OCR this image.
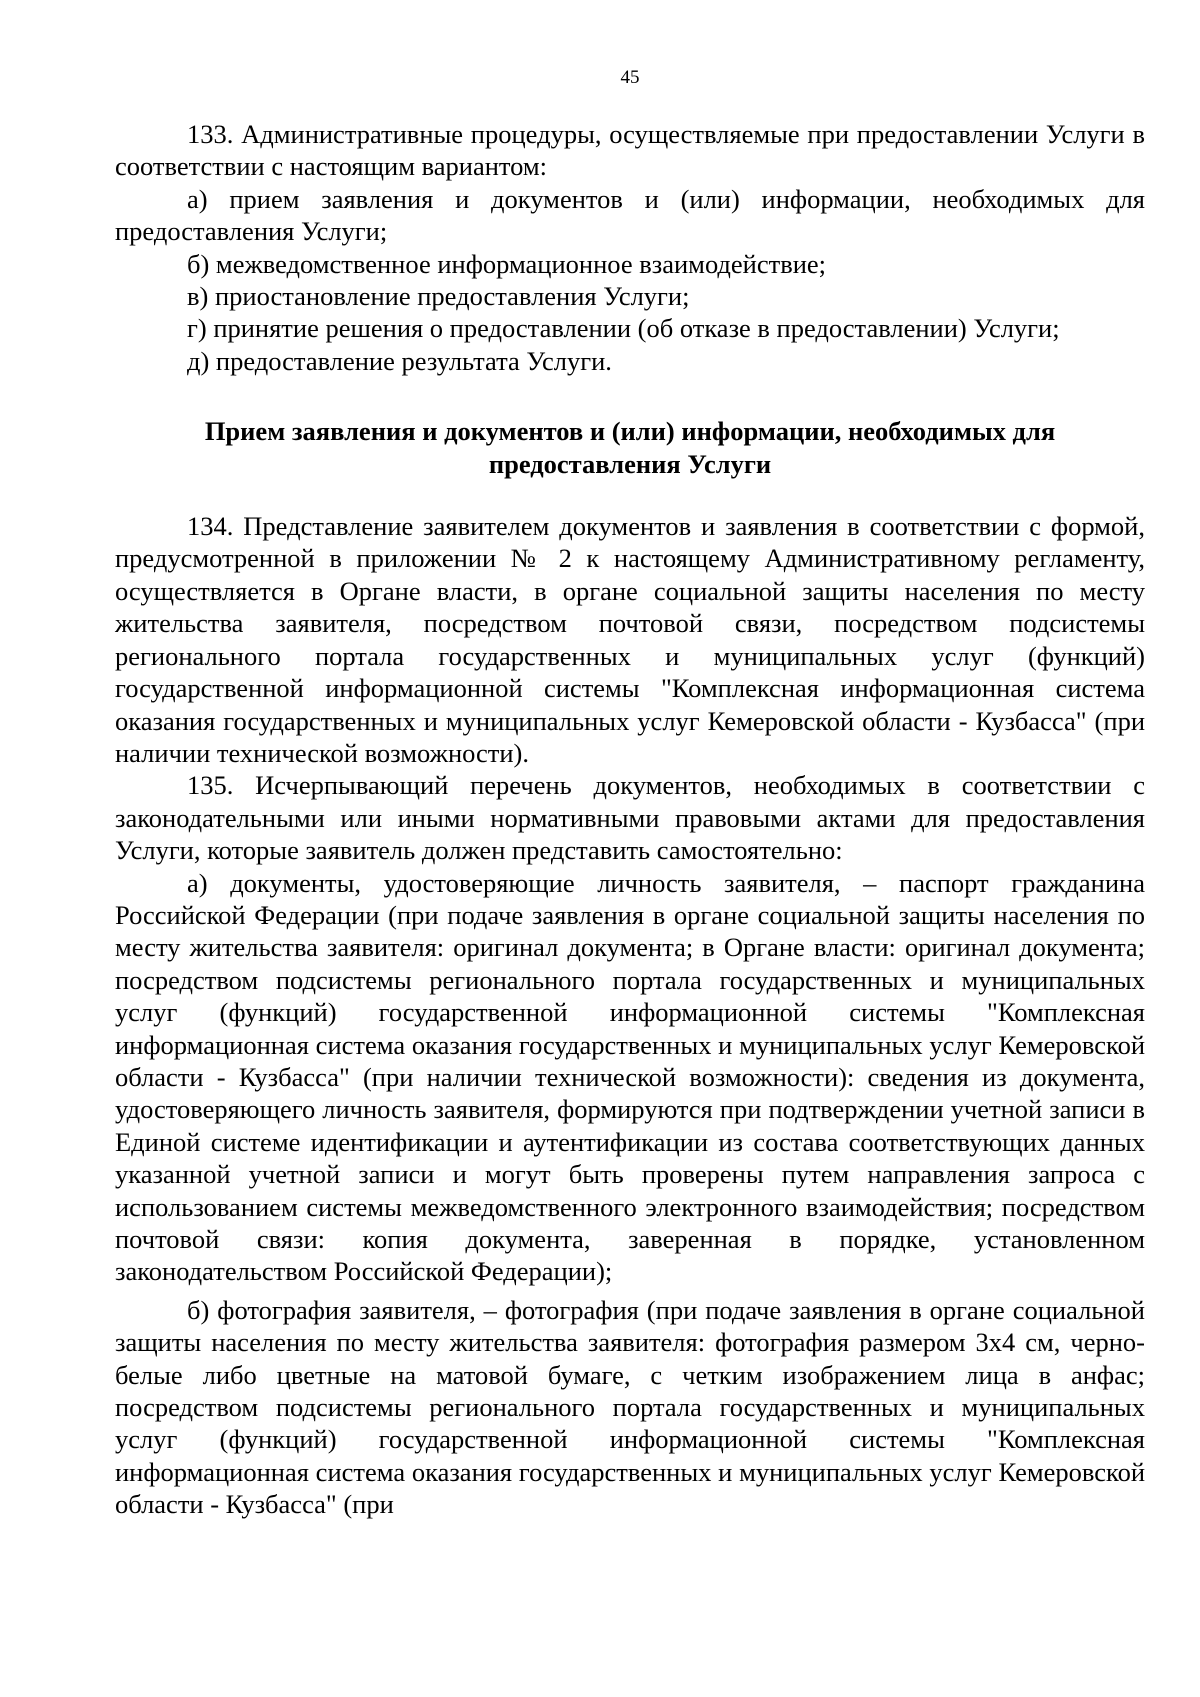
45

133. Административные процедуры, осуществляемые при предоставлении Услуги в соответствии с настоящим вариантом:

а) прием заявления и документов и (или) информации, необходимых для предоставления Услуги;

б) межведомственное информационное взаимодействие;

в) приостановление предоставления Услуги;

г) принятие решения о предоставлении (об отказе в предоставлении) Услуги;

д) предоставление результата Услуги.

Прием заявления и документов и (или) информации, необходимых для предоставления Услуги

134. Представление заявителем документов и заявления в соответствии с формой, предусмотренной в приложении № 2 к настоящему Административному регламенту, осуществляется в Органе власти, в органе социальной защиты населения по месту жительства заявителя, посредством почтовой связи, посредством подсистемы регионального портала государственных и муниципальных услуг (функций) государственной информационной системы "Комплексная информационная система оказания государственных и муниципальных услуг Кемеровской области - Кузбасса" (при наличии технической возможности).

135. Исчерпывающий перечень документов, необходимых в соответствии с законодательными или иными нормативными правовыми актами для предоставления Услуги, которые заявитель должен представить самостоятельно:

а) документы, удостоверяющие личность заявителя, – паспорт гражданина Российской Федерации (при подаче заявления в органе социальной защиты населения по месту жительства заявителя: оригинал документа; в Органе власти: оригинал документа; посредством подсистемы регионального портала государственных и муниципальных услуг (функций) государственной информационной системы "Комплексная информационная система оказания государственных и муниципальных услуг Кемеровской области - Кузбасса" (при наличии технической возможности): сведения из документа, удостоверяющего личность заявителя, формируются при подтверждении учетной записи в Единой системе идентификации и аутентификации из состава соответствующих данных указанной учетной записи и могут быть проверены путем направления запроса с использованием системы межведомственного электронного взаимодействия; посредством почтовой связи: копия документа, заверенная в порядке, установленном законодательством Российской Федерации);

б) фотография заявителя, – фотография (при подаче заявления в органе социальной защиты населения по месту жительства заявителя: фотография размером 3x4 см, черно-белые либо цветные на матовой бумаге, с четким изображением лица в анфас; посредством подсистемы регионального портала государственных и муниципальных услуг (функций) государственной информационной системы "Комплексная информационная система оказания государственных и муниципальных услуг Кемеровской области - Кузбасса" (при
